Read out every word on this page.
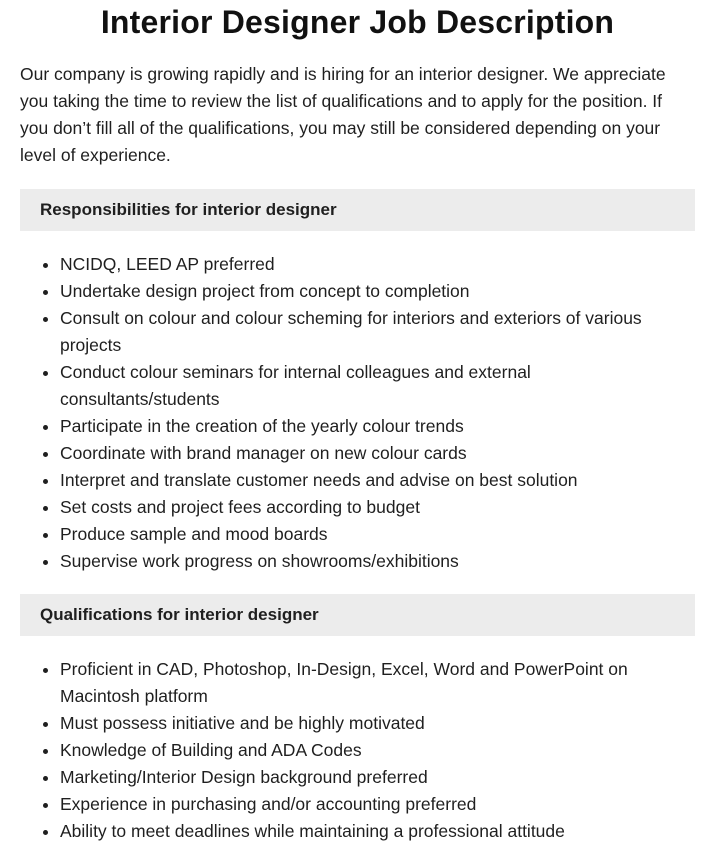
Interior Designer Job Description

Our company is growing rapidly and is hiring for an interior designer. We appreciate you taking the time to review the list of qualifications and to apply for the position. If you don’t fill all of the qualifications, you may still be considered depending on your level of experience.

Responsibilities for interior designer
NCIDQ, LEED AP preferred
Undertake design project from concept to completion
Consult on colour and colour scheming for interiors and exteriors of various projects
Conduct colour seminars for internal colleagues and external consultants/students
Participate in the creation of the yearly colour trends
Coordinate with brand manager on new colour cards
Interpret and translate customer needs and advise on best solution
Set costs and project fees according to budget
Produce sample and mood boards
Supervise work progress on showrooms/exhibitions
Qualifications for interior designer
Proficient in CAD, Photoshop, In-Design, Excel, Word and PowerPoint on Macintosh platform
Must possess initiative and be highly motivated
Knowledge of Building and ADA Codes
Marketing/Interior Design background preferred
Experience in purchasing and/or accounting preferred
Ability to meet deadlines while maintaining a professional attitude
